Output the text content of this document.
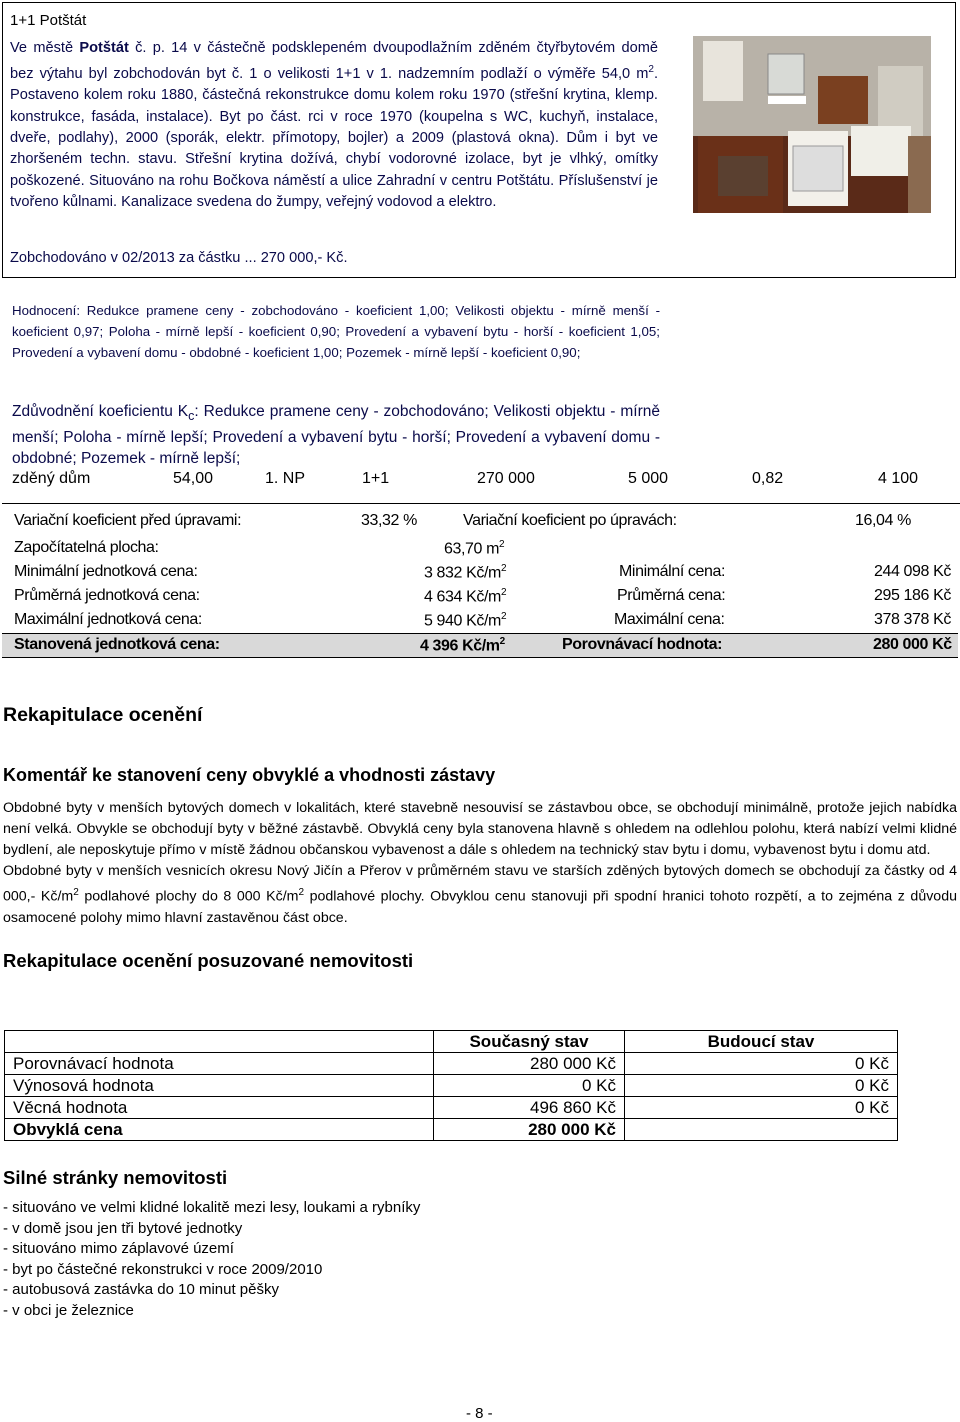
1+1 Potštát
Ve městě Potštát č. p. 14 v částečně podsklepeném dvoupodlažním zděném čtyřbytovém domě bez výtahu byl zobchodován byt č. 1 o velikosti 1+1 v 1. nadzemním podlaží o výměře 54,0 $m^2$. Postaveno kolem roku 1880, částečná rekonstrukce domu kolem roku 1970 (střešní krytina, klemp. konstrukce, fasáda, instalace). Byt po část. rci v roce 1970 (koupelna s WC, kuchyň, instalace, dveře, podlahy), 2000 (sporák, elektr. přímotopy, bojler) a 2009 (plastová okna). Dům i byt ve zhoršeném techn. stavu. Střešní krytina dožívá, chybí vodorovné izolace, byt je vlhký, omítky poškozené. Situováno na rohu Bočkova náměstí a ulice Zahradní v centru Potštátu. Příslušenství je tvořeno kůlnami. Kanalizace svedena do žumpy, veřejný vodovod a elektro.
Zobchodováno v 02/2013 za částku ... 270 000,- Kč.
Hodnocení: Redukce pramene ceny - zobchodováno - koeficient 1,00; Velikosti objektu - mírně menší - koeficient 0,97; Poloha - mírně lepší - koeficient 0,90; Provedení a vybavení bytu - horší - koeficient 1,05; Provedení a vybavení domu - obdobné - koeficient 1,00; Pozemek - mírně lepší - koeficient 0,90;
Zdůvodnění koeficientu $K_c$: Redukce pramene ceny - zobchodováno; Velikosti objektu - mírně menší; Poloha - mírně lepší; Provedení a vybavení bytu - horší; Provedení a vybavení domu - obdobné; Pozemek - mírně lepší;
zděný dům	54,00	1. NP	1+1	270 000	5 000	0,82	4 100
Variační koeficient před úpravami:	33,32 %	Variační koeficient po úpravách:	16,04 %
Započítatelná plocha:	63,70 $m^2$
Minimální jednotková cena:	3 832 $Kč/m^2$	Minimální cena:	244 098 Kč
Průměrná jednotková cena:	4 634 $Kč/m^2$	Průměrná cena:	295 186 Kč
Maximální jednotková cena:	5 940 $Kč/m^2$	Maximální cena:	378 378 Kč
Stanovená jednotková cena:	4 396 $Kč/m^2$	Porovnávací hodnota:	280 000 Kč
Rekapitulace ocenění
Komentář ke stanovení ceny obvyklé a vhodnosti zástavy
Obdobné byty v menších bytových domech v lokalitách, které stavebně nesouvisí se zástavbou obce, se obchodují minimálně, protože jejich nabídka není velká. Obvykle se obchodují byty v běžné zástavbě. Obvyklá ceny byla stanovena hlavně s ohledem na odlehlou polohu, která nabízí velmi klidné bydlení, ale neposkytuje přímo v místě žádnou občanskou vybavenost a dále s ohledem na technický stav bytu i domu, vybavenost bytu i domu atd.
Obdobné byty v menších vesnicích okresu Nový Jičín a Přerov v průměrném stavu ve starších zděných bytových domech se obchodují za částky od 4 000,- $Kč/m^2$ podlahové plochy do 8 000 $Kč/m^2$ podlahové plochy. Obvyklou cenu stanovuji při spodní hranici tohoto rozpětí, a to zejména z důvodu osamocené polohy mimo hlavní zastavěnou část obce.
Rekapitulace ocenění posuzované nemovitosti
	Současný stav	Budoucí stav
Porovnávací hodnota	280 000 Kč	0 Kč
Výnosová hodnota	0 Kč	0 Kč
Věcná hodnota	496 860 Kč	0 Kč
Obvyklá cena	280 000 Kč	
Silné stránky nemovitosti
- situováno ve velmi klidné lokalitě mezi lesy, loukami a rybníky
- v domě jsou jen tři bytové jednotky
- situováno mimo záplavové území
- byt po částečné rekonstrukci v roce 2009/2010
- autobusová zastávka do 10 minut pěšky
- v obci je železnice
- 8 -
